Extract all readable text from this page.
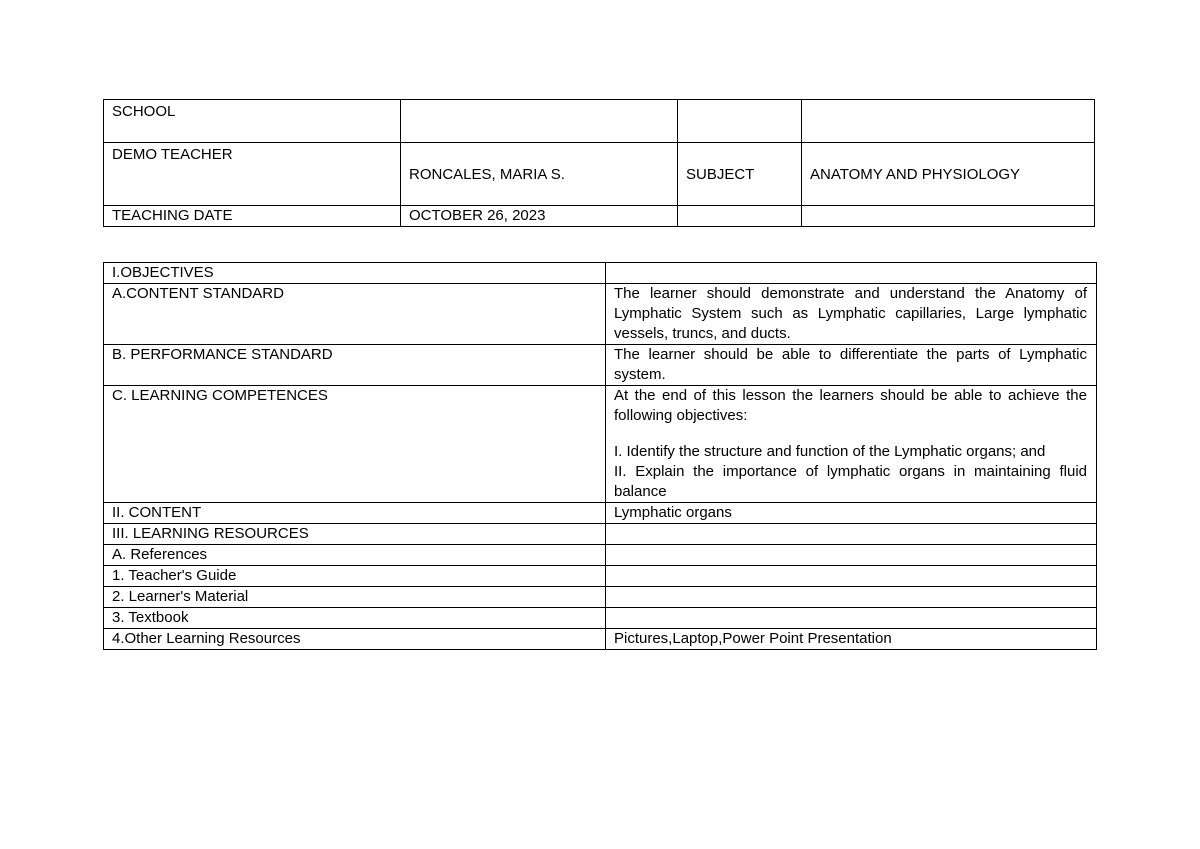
SCHOOL			
DEMO TEACHER	RONCALES, MARIA S.	SUBJECT	ANATOMY AND PHYSIOLOGY
TEACHING DATE	OCTOBER 26, 2023		
I.OBJECTIVES	
A.CONTENT STANDARD	The learner should demonstrate and understand the Anatomy of Lymphatic System such as Lymphatic capillaries, Large lymphatic vessels, truncs, and ducts.
B. PERFORMANCE STANDARD	The learner should be able to differentiate the parts of Lymphatic system.
C. LEARNING COMPETENCES	At the end of this lesson the learners should be able to achieve the following objectives:
I. Identify the structure and function of the Lymphatic organs; and
II. Explain the importance of lymphatic organs in maintaining fluid balance

II. CONTENT	Lymphatic organs
III. LEARNING RESOURCES	
A. References	
1. Teacher's Guide	
2. Learner's Material	
3. Textbook	
4.Other Learning Resources	Pictures,Laptop,Power Point Presentation
